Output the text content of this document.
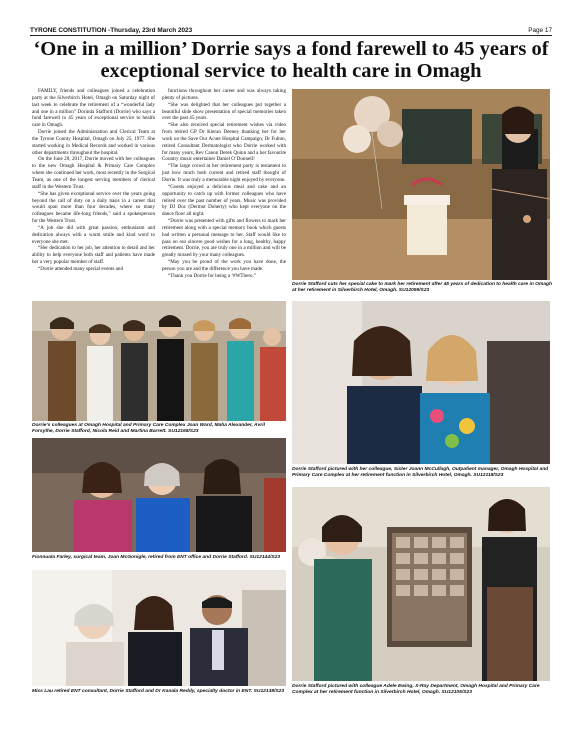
TYRONE CONSTITUTION -Thursday, 23rd March 2023	Page 17
‘One in a million’ Dorrie says a fond farewell to 45 years of exceptional service to health care in Omagh

FAMILY, friends and colleagues joined a celebration party at the Silverbirch Hotel, Omagh on Saturday night of last week to celebrate the retirement of a “wonderful lady and one in a million” Dorinda Stafford (Dorrie) who says a fond farewell to 45 years of exceptional service to health care in Omagh.

Dorrie joined the Administration and Clerical Team at the Tyrone County Hospital, Omagh on July 25, 1977. She started working in Medical Records and worked in various other departments throughout the hospital.

On the June 20, 2017, Dorrie moved with her colleagues to the new Omagh Hospital & Primary Care Complex where she continued her work, most recently in the Surgical Team, as one of the longest serving members of clerical staff in the Western Trust.

“She has given exceptional service over the years going beyond the call of duty on a daily basis in a career that would span more than four decades, where so many colleagues became life-long friends,” said a spokesperson for the Western Trust.

“A job she did with great passion, enthusiasm and dedication always with a warm smile and kind word to everyone she met.

“Her dedication to her job, her attention to detail and her ability to help everyone both staff and patients have made her a very popular member of staff.

“Dorrie attended many special events and

functions throughout her career and was always taking plenty of pictures.

“She was delighted that her colleagues put together a beautiful slide show presentation of special memories taken over the past 45 years.

“She also received special retirement wishes via video from retired GP Dr Kieran Deeney thanking her for her work on the Save Our Acute Hospital Campaign; Dr Fulton, retired Consultant Dermatologist who Dorrie worked with for many years; Rev Canon Derek Quinn and a her favourite Country music entertainer Daniel O’Donnell!

“The large crowd at her retirement party is testament to just how much both current and retired staff thought of Dorrie. It was truly a memorable night enjoyed by everyone.

“Guests enjoyed a delicious meal and cake and an opportunity to catch up with former colleagues who have retired over the past number of years. Music was provided by DJ Doc (Dermot Doherty) who kept everyone on the dance floor all night.

“Dorrie was presented with gifts and flowers to mark her retirement along with a special memory book which guests had written a personal message to her. Staff would like to pass on our sincere good wishes for a long, healthy, happy retirement. Dorrie, you are truly one in a million and will be greatly missed by your many colleagues.

“May you be proud of the work you have done, the person you are and the difference you have made.

“Thank you Dorrie for being a ‘#WThero.”

Dorrie Stafford cuts her special cake to mark her retirement after 45 years of dedication to health care in Omagh at her retirement in Silverbirch Hotel, Omagh. SU12099/S23
Dorrie’s colleagues at Omagh Hospital and Primary Care Complex Joan Ward, Maha Alexander, Avril Forsythe, Dorrie Stafford, Nicola Reid and Martina Barrett. SU12168/S23
Dorrie Stafford pictured with her colleague, Sister Joann McCullagh, Outpatient manager, Omagh Hospital and Primary Care Complex at her retirement function in Silverbirch Hotel, Omagh. SU12118/S23
Fionnuala Farley, surgical team, Joan McGonigle, retired from ENT office and Dorrie Stafford. SU12144/S23
Dorrie Stafford pictured with colleague Adele Ewing, X-Ray Department, Omagh Hospital and Primary Care Complex at her retirement function in Silverbirch Hotel, Omagh. SU12105/S23
Miss Lau retired ENT consultant, Dorrie Stafford and Dr Kanala Reddy, specialty doctor in ENT. SU12138/S23
